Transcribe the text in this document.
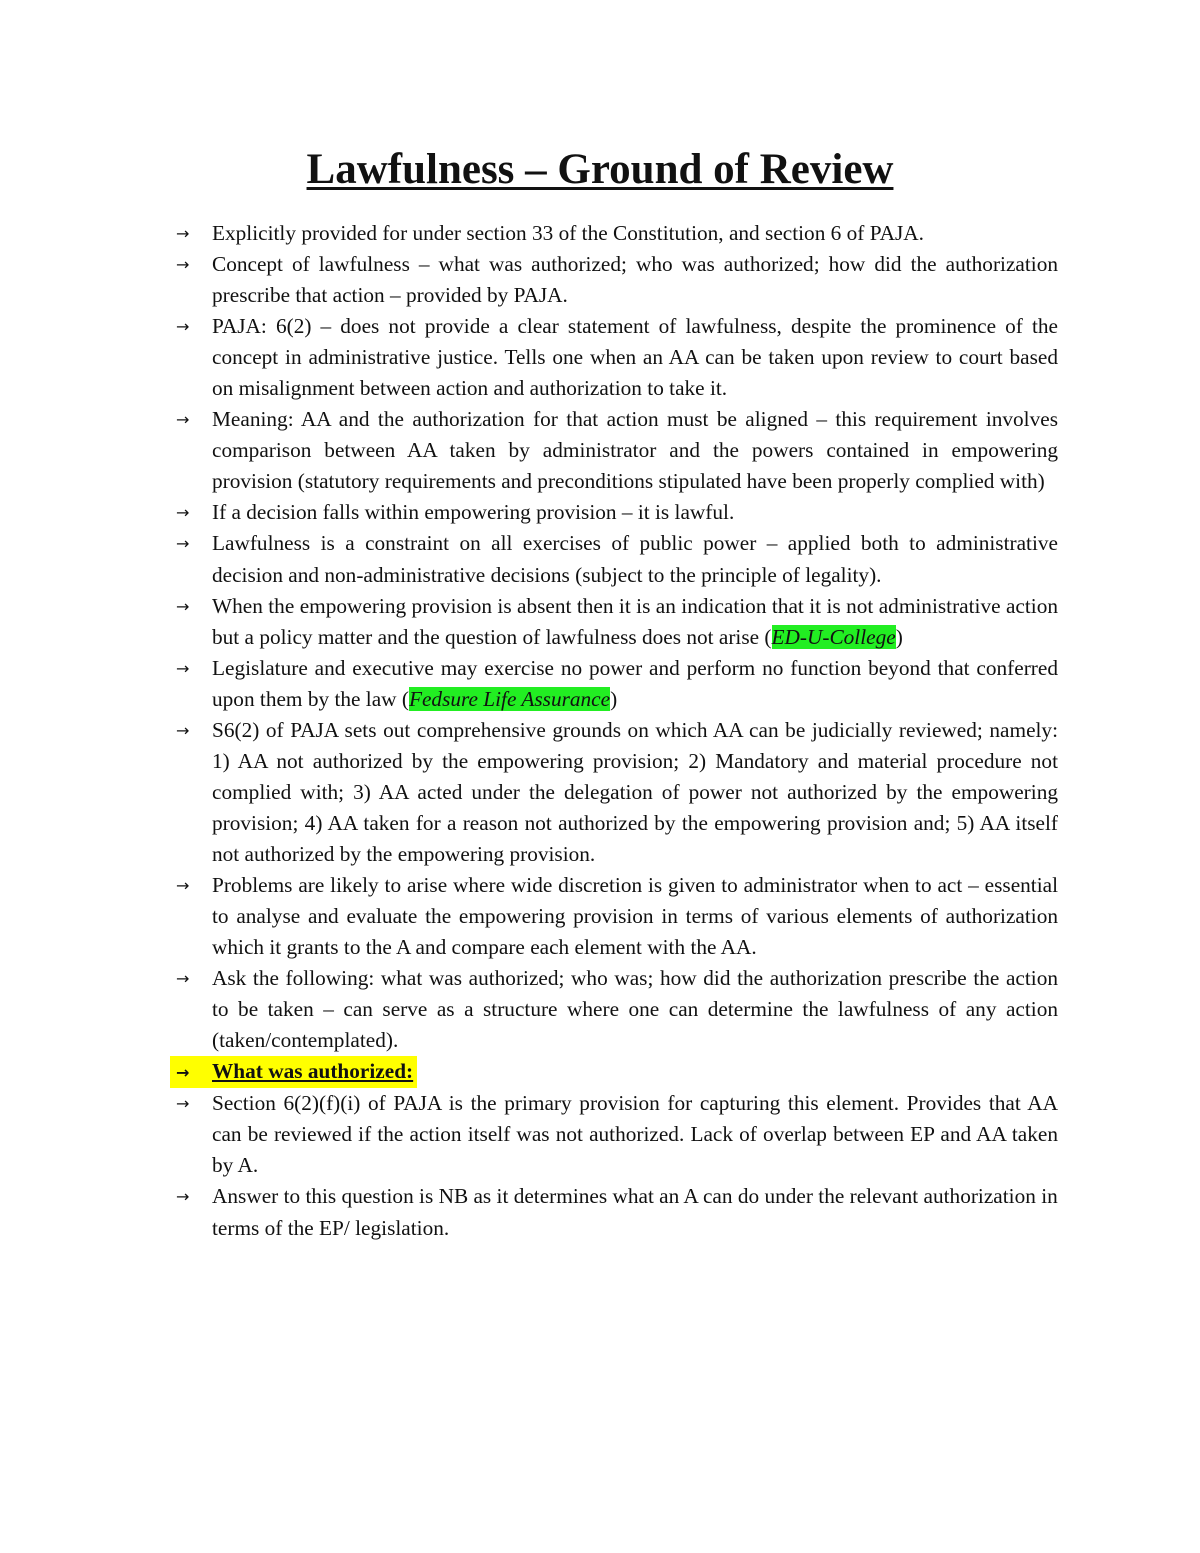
Lawfulness – Ground of Review
→ Explicitly provided for under section 33 of the Constitution, and section 6 of PAJA.
→ Concept of lawfulness – what was authorized; who was authorized; how did the authorization prescribe that action – provided by PAJA.
→ PAJA: 6(2) – does not provide a clear statement of lawfulness, despite the prominence of the concept in administrative justice. Tells one when an AA can be taken upon review to court based on misalignment between action and authorization to take it.
→ Meaning: AA and the authorization for that action must be aligned – this requirement involves comparison between AA taken by administrator and the powers contained in empowering provision (statutory requirements and preconditions stipulated have been properly complied with)
→ If a decision falls within empowering provision – it is lawful.
→ Lawfulness is a constraint on all exercises of public power – applied both to administrative decision and non-administrative decisions (subject to the principle of legality).
→ When the empowering provision is absent then it is an indication that it is not administrative action but a policy matter and the question of lawfulness does not arise (ED-U-College)
→ Legislature and executive may exercise no power and perform no function beyond that conferred upon them by the law (Fedsure Life Assurance)
→ S6(2) of PAJA sets out comprehensive grounds on which AA can be judicially reviewed; namely: 1) AA not authorized by the empowering provision; 2) Mandatory and material procedure not complied with; 3) AA acted under the delegation of power not authorized by the empowering provision; 4) AA taken for a reason not authorized by the empowering provision and; 5) AA itself not authorized by the empowering provision.
→ Problems are likely to arise where wide discretion is given to administrator when to act – essential to analyse and evaluate the empowering provision in terms of various elements of authorization which it grants to the A and compare each element with the AA.
→ Ask the following: what was authorized; who was; how did the authorization prescribe the action to be taken – can serve as a structure where one can determine the lawfulness of any action (taken/contemplated).
→ What was authorized:
→ Section 6(2)(f)(i) of PAJA is the primary provision for capturing this element. Provides that AA can be reviewed if the action itself was not authorized. Lack of overlap between EP and AA taken by A.
→ Answer to this question is NB as it determines what an A can do under the relevant authorization in terms of the EP/ legislation.
